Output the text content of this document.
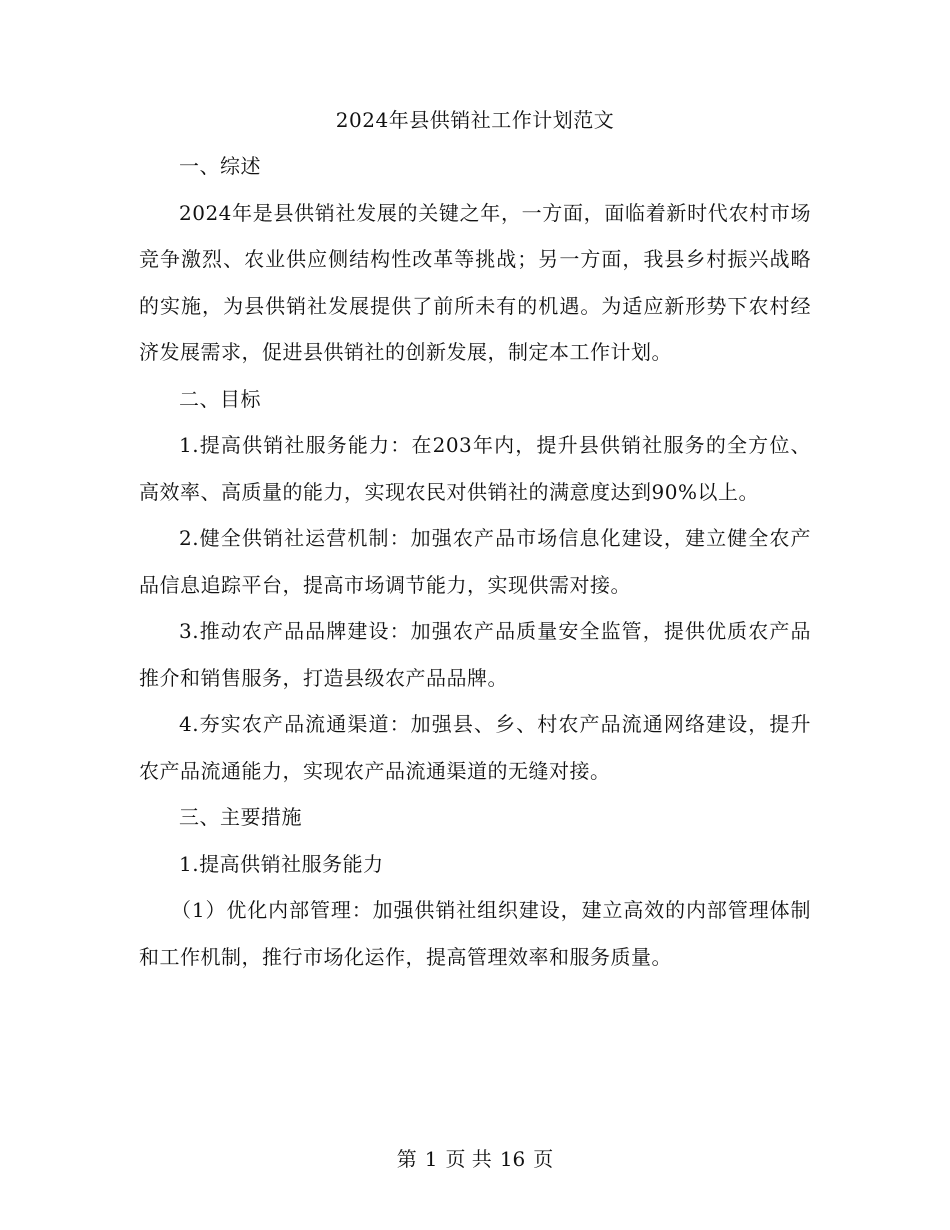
2024年县供销社工作计划范文

一、综述

2024年是县供销社发展的关键之年，一方面，面临着新时代农村市场竞争激烈、农业供应侧结构性改革等挑战；另一方面，我县乡村振兴战略的实施，为县供销社发展提供了前所未有的机遇。为适应新形势下农村经济发展需求，促进县供销社的创新发展，制定本工作计划。

二、目标

1.提高供销社服务能力：在203年内，提升县供销社服务的全方位、高效率、高质量的能力，实现农民对供销社的满意度达到90%以上。

2.健全供销社运营机制：加强农产品市场信息化建设，建立健全农产品信息追踪平台，提高市场调节能力，实现供需对接。

3.推动农产品品牌建设：加强农产品质量安全监管，提供优质农产品推介和销售服务，打造县级农产品品牌。

4.夯实农产品流通渠道：加强县、乡、村农产品流通网络建设，提升农产品流通能力，实现农产品流通渠道的无缝对接。

三、主要措施

1.提高供销社服务能力

（1）优化内部管理：加强供销社组织建设，建立高效的内部管理体制和工作机制，推行市场化运作，提高管理效率和服务质量。

第 1 页 共 16 页
